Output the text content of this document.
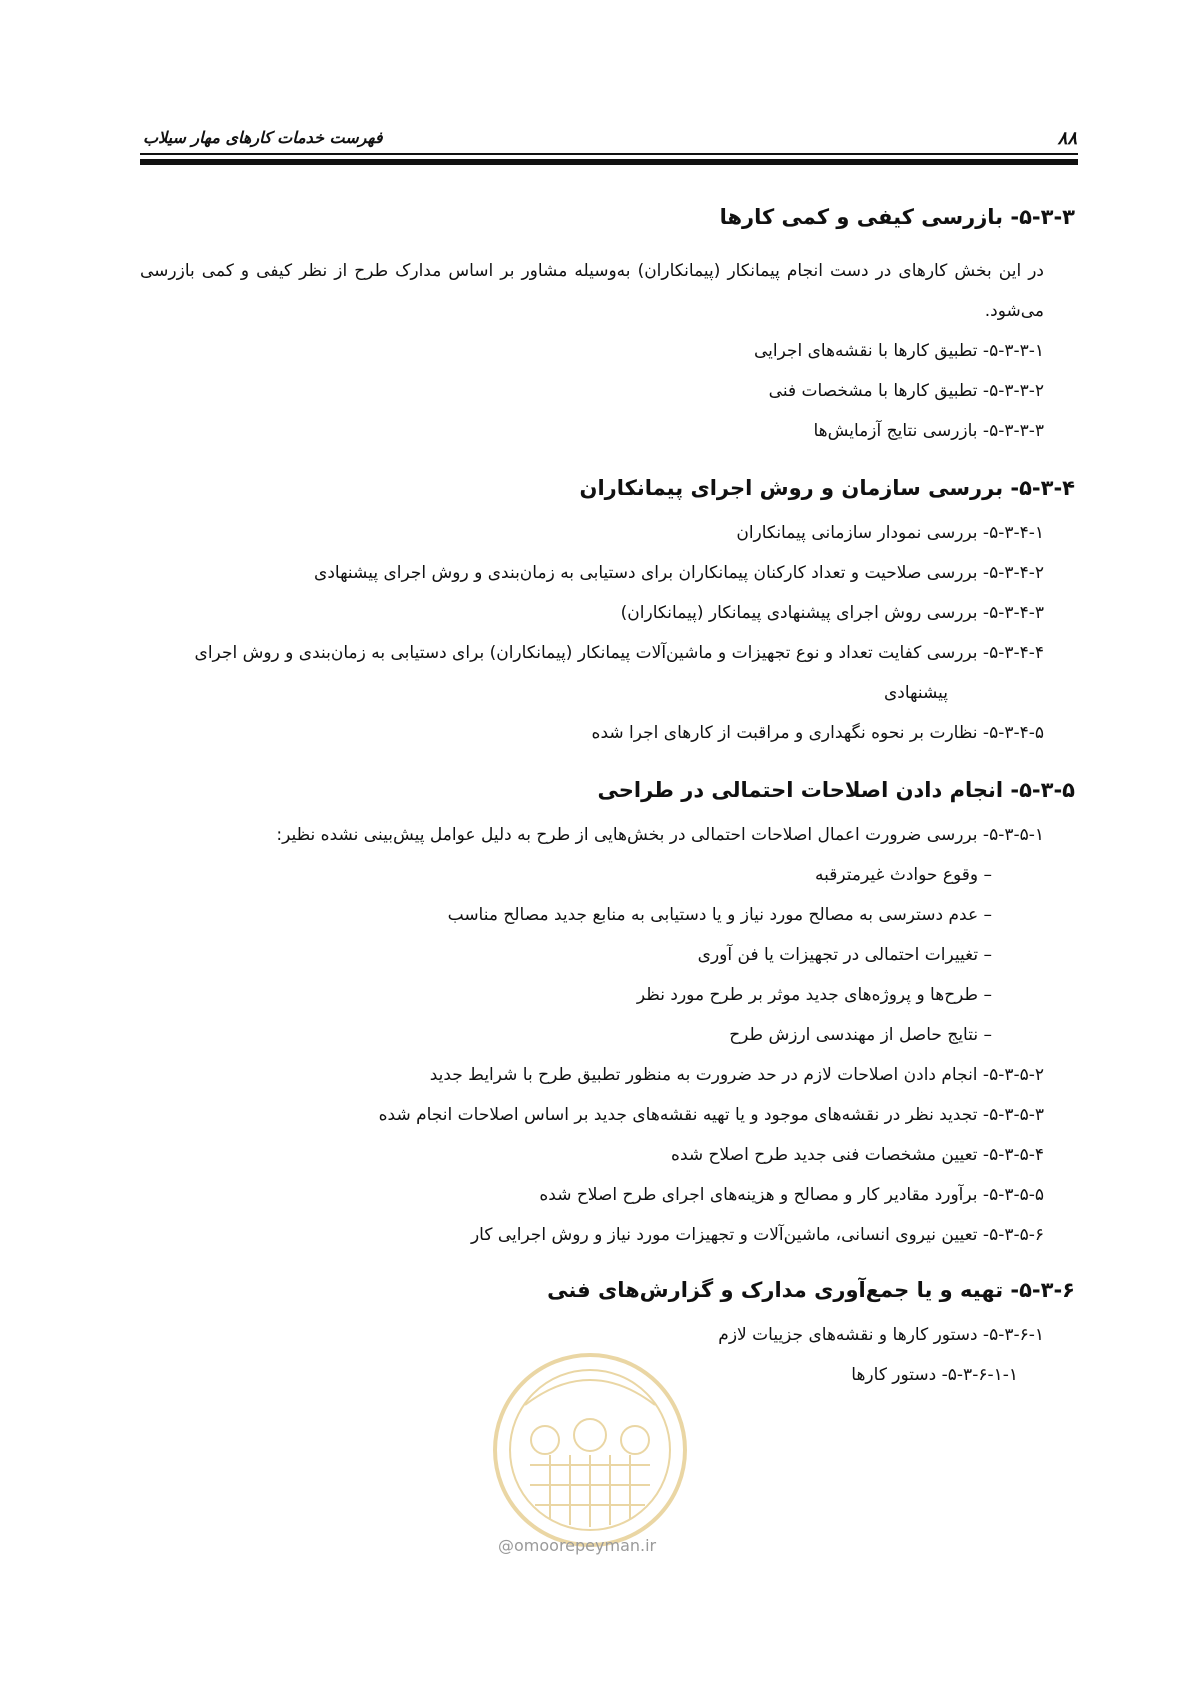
فهرست خدمات کارهای مهار سیلاب	۸۸
۵-۳-۳- بازرسی کیفی و کمی کارها
در این بخش کارهای در دست انجام پیمانکار (پیمانکاران) به‌وسیله مشاور بر اساس مدارک طرح از نظر کیفی و کمی بازرسی می‌شود.
۵-۳-۳-۱- تطبیق کارها با نقشه‌های اجرایی
۵-۳-۳-۲- تطبیق کارها با مشخصات فنی
۵-۳-۳-۳- بازرسی نتایج آزمایش‌ها
۵-۳-۴- بررسی سازمان و روش اجرای پیمانکاران
۵-۳-۴-۱- بررسی نمودار سازمانی پیمانکاران
۵-۳-۴-۲- بررسی صلاحیت و تعداد کارکنان پیمانکاران برای دستیابی به زمان‌بندی و روش اجرای پیشنهادی
۵-۳-۴-۳- بررسی روش اجرای پیشنهادی پیمانکار (پیمانکاران)
۵-۳-۴-۴- بررسی کفایت تعداد و نوع تجهیزات و ماشین‌آلات پیمانکار (پیمانکاران) برای دستیابی به زمان‌بندی و روش اجرای
پیشنهادی
۵-۳-۴-۵- نظارت بر نحوه نگهداری و مراقبت از کارهای اجرا شده
۵-۳-۵- انجام دادن اصلاحات احتمالی در طراحی
۵-۳-۵-۱- بررسی ضرورت اعمال اصلاحات احتمالی در بخش‌هایی از طرح به دلیل عوامل پیش‌بینی نشده نظیر:
– وقوع حوادث غیرمترقبه
– عدم دسترسی به مصالح مورد نیاز و یا دستیابی به منابع جدید مصالح مناسب
– تغییرات احتمالی در تجهیزات یا فن آوری
– طرح‌ها و پروژه‌های جدید موثر بر طرح مورد نظر
– نتایج حاصل از مهندسی ارزش طرح
۵-۳-۵-۲- انجام دادن اصلاحات لازم در حد ضرورت به منظور تطبیق طرح با شرایط جدید
۵-۳-۵-۳- تجدید نظر در نقشه‌های موجود و یا تهیه نقشه‌های جدید بر اساس اصلاحات انجام شده
۵-۳-۵-۴- تعیین مشخصات فنی جدید طرح اصلاح شده
۵-۳-۵-۵- برآورد مقادیر کار و مصالح و هزینه‌های اجرای طرح اصلاح شده
۵-۳-۵-۶- تعیین نیروی انسانی، ماشین‌آلات و تجهیزات مورد نیاز و روش اجرایی کار
۵-۳-۶- تهیه و یا جمع‌آوری مدارک و گزارش‌های فنی
۵-۳-۶-۱- دستور کارها و نقشه‌های جزییات لازم
۵-۳-۶-۱-۱- دستور کارها
@omoorepeyman.ir
